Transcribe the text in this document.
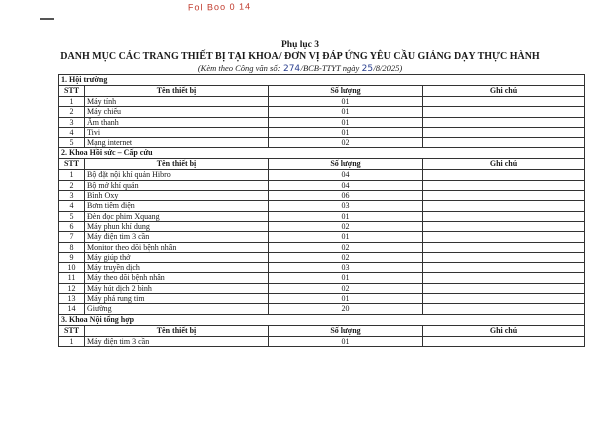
Fol Boo 0 14
Phụ lục 3
DANH MỤC CÁC TRANG THIẾT BỊ TẠI KHOA/ ĐƠN VỊ ĐÁP ỨNG YÊU CẦU GIẢNG DẠY THỰC HÀNH
(Kèm theo Công văn số: 274/BCB-TTYT ngày 25/8/2025)
1. Hội trường			
STT	Tên thiết bị	Số lượng	Ghi chú
1	Máy tính	01	
2	Máy chiếu	01	
3	Âm thanh	01	
4	Tivi	01	
5	Mạng internet	02	
2. Khoa Hồi sức – Cấp cứu			
STT	Tên thiết bị	Số lượng	Ghi chú
1	Bộ đặt nội khí quản Hibro	04	
2	Bộ mở khí quản	04	
3	Bình Oxy	06	
4	Bơm tiêm điện	03	
5	Đèn đọc phim Xquang	01	
6	Máy phun khí dung	02	
7	Máy điện tim 3 cần	01	
8	Monitor theo dõi bệnh nhân	02	
9	Máy giúp thở	02	
10	Máy truyền dịch	03	
11	Máy theo dõi bệnh nhân	01	
12	Máy hút dịch 2 bình	02	
13	Máy phá rung tim	01	
14	Giường	20	
3. Khoa Nội tổng hợp			
STT	Tên thiết bị	Số lượng	Ghi chú
1	Máy điện tim 3 cần	01	
